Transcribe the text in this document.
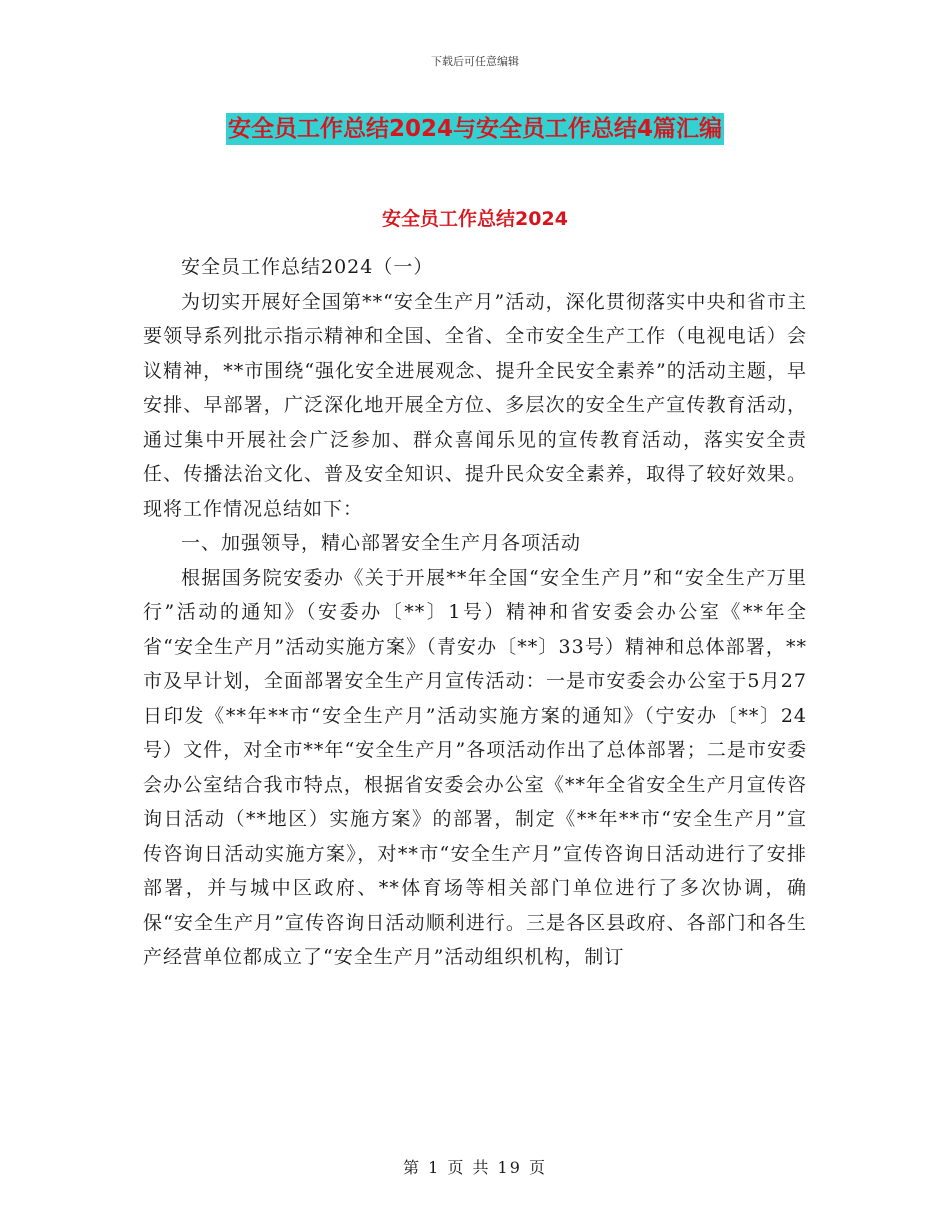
下载后可任意编辑
安全员工作总结2024与安全员工作总结4篇汇编
安全员工作总结2024

安全员工作总结2024（一）

为切实开展好全国第**“安全生产月”活动，深化贯彻落实中央和省市主要领导系列批示指示精神和全国、全省、全市安全生产工作（电视电话）会议精神，**市围绕“强化安全进展观念、提升全民安全素养”的活动主题，早安排、早部署，广泛深化地开展全方位、多层次的安全生产宣传教育活动，通过集中开展社会广泛参加、群众喜闻乐见的宣传教育活动，落实安全责任、传播法治文化、普及安全知识、提升民众安全素养，取得了较好效果。现将工作情况总结如下：

一、加强领导，精心部署安全生产月各项活动

根据国务院安委办《关于开展**年全国“安全生产月”和“安全生产万里行”活动的通知》（安委办〔**〕1号）精神和省安委会办公室《**年全省“安全生产月”活动实施方案》（青安办〔**〕33号）精神和总体部署，**市及早计划，全面部署安全生产月宣传活动：一是市安委会办公室于5月27日印发《**年**市“安全生产月”活动实施方案的通知》（宁安办〔**〕24号）文件，对全市**年“安全生产月”各项活动作出了总体部署；二是市安委会办公室结合我市特点，根据省安委会办公室《**年全省安全生产月宣传咨询日活动（**地区）实施方案》的部署，制定《**年**市“安全生产月”宣传咨询日活动实施方案》，对**市“安全生产月”宣传咨询日活动进行了安排部署，并与城中区政府、**体育场等相关部门单位进行了多次协调，确保“安全生产月”宣传咨询日活动顺利进行。三是各区县政府、各部门和各生产经营单位都成立了“安全生产月”活动组织机构，制订

第 1 页 共 19 页
